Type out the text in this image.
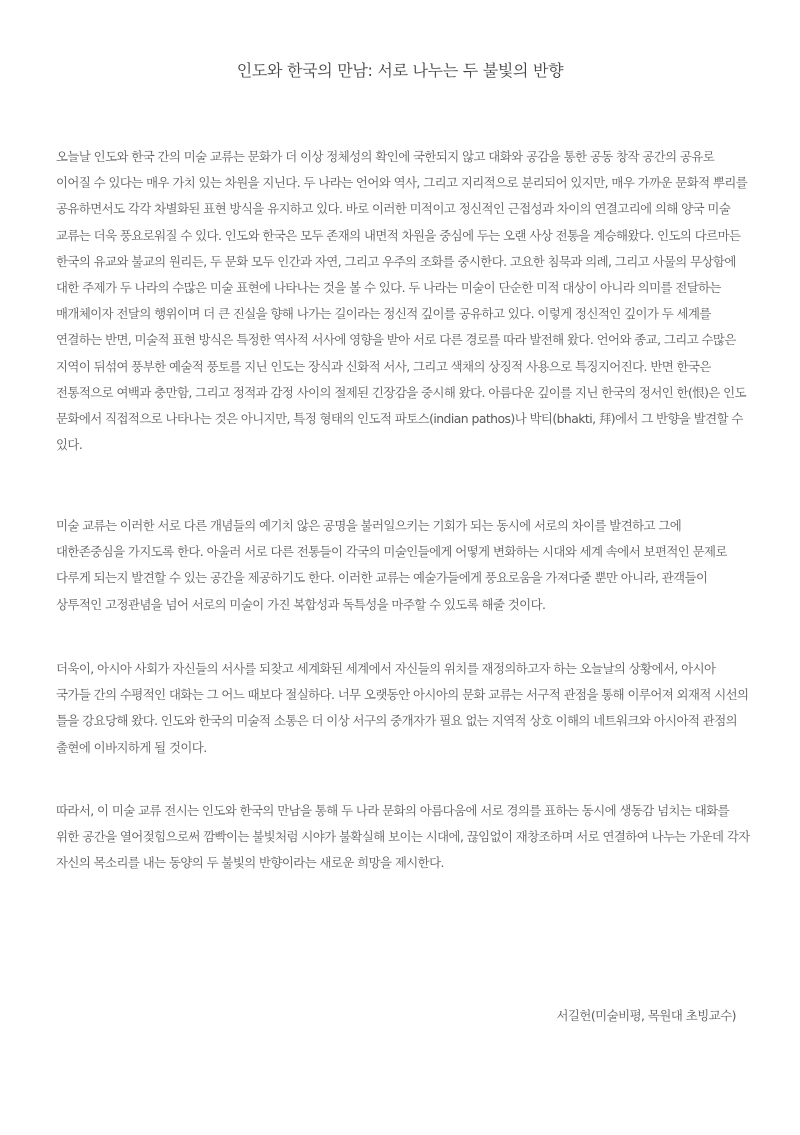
인도와 한국의 만남: 서로 나누는 두 불빛의 반향

오늘날 인도와 한국 간의 미술 교류는 문화가 더 이상 정체성의 확인에 국한되지 않고 대화와 공감을 통한 공동 창작 공간의 공유로 이어질 수 있다는 매우 가치 있는 차원을 지닌다. 두 나라는 언어와 역사, 그리고 지리적으로 분리되어 있지만, 매우 가까운 문화적 뿌리를 공유하면서도 각각 차별화된 표현 방식을 유지하고 있다. 바로 이러한 미적이고 정신적인 근접성과 차이의 연결고리에 의해 양국 미술 교류는 더욱 풍요로워질 수 있다. 인도와 한국은 모두 존재의 내면적 차원을 중심에 두는 오랜 사상 전통을 계승해왔다. 인도의 다르마든 한국의 유교와 불교의 원리든, 두 문화 모두 인간과 자연, 그리고 우주의 조화를 중시한다. 고요한 침묵과 의례, 그리고 사물의 무상함에 대한 주제가 두 나라의 수많은 미술 표현에 나타나는 것을 볼 수 있다. 두 나라는 미술이 단순한 미적 대상이 아니라 의미를 전달하는 매개체이자 전달의 행위이며 더 큰 진실을 향해 나가는 길이라는 정신적 깊이를 공유하고 있다. 이렇게 정신적인 깊이가 두 세계를 연결하는 반면, 미술적 표현 방식은 특정한 역사적 서사에 영향을 받아 서로 다른 경로를 따라 발전해 왔다. 언어와 종교, 그리고 수많은 지역이 뒤섞여 풍부한 예술적 풍토를 지닌 인도는 장식과 신화적 서사, 그리고 색채의 상징적 사용으로 특징지어진다. 반면 한국은 전통적으로 여백과 충만함, 그리고 정적과 감정 사이의 절제된 긴장감을 중시해 왔다. 아름다운 깊이를 지닌 한국의 정서인 한(恨)은 인도 문화에서 직접적으로 나타나는 것은 아니지만, 특정 형태의 인도적 파토스(indian pathos)나 박티(bhakti, 拜)에서 그 반향을 발견할 수 있다.

미술 교류는 이러한 서로 다른 개념들의 예기치 않은 공명을 불러일으키는 기회가 되는 동시에 서로의 차이를 발견하고 그에 대한존중심을 가지도록 한다. 아울러 서로 다른 전통들이 각국의 미술인들에게 어떻게 변화하는 시대와 세계 속에서 보편적인 문제로 다루게 되는지 발견할 수 있는 공간을 제공하기도 한다. 이러한 교류는 예술가들에게 풍요로움을 가져다줄 뿐만 아니라, 관객들이 상투적인 고정관념을 넘어 서로의 미술이 가진 복합성과 독특성을 마주할 수 있도록 해줄 것이다.

더욱이, 아시아 사회가 자신들의 서사를 되찾고 세계화된 세계에서 자신들의 위치를 재정의하고자 하는 오늘날의 상황에서, 아시아 국가들 간의 수평적인 대화는 그 어느 때보다 절실하다. 너무 오랫동안 아시아의 문화 교류는 서구적 관점을 통해 이루어져 외재적 시선의 틀을 강요당해 왔다. 인도와 한국의 미술적 소통은 더 이상 서구의 중개자가 필요 없는 지역적 상호 이해의 네트워크와 아시아적 관점의 출현에 이바지하게 될 것이다.

따라서, 이 미술 교류 전시는 인도와 한국의 만남을 통해 두 나라 문화의 아름다움에 서로 경의를 표하는 동시에 생동감 넘치는 대화를 위한 공간을 열어젖힘으로써 깜빡이는 불빛처럼 시야가 불확실해 보이는 시대에, 끊임없이 재창조하며 서로 연결하여 나누는 가운데 각자 자신의 목소리를 내는 동양의 두 불빛의 반향이라는 새로운 희망을 제시한다.

서길헌(미술비평, 목원대 초빙교수)
